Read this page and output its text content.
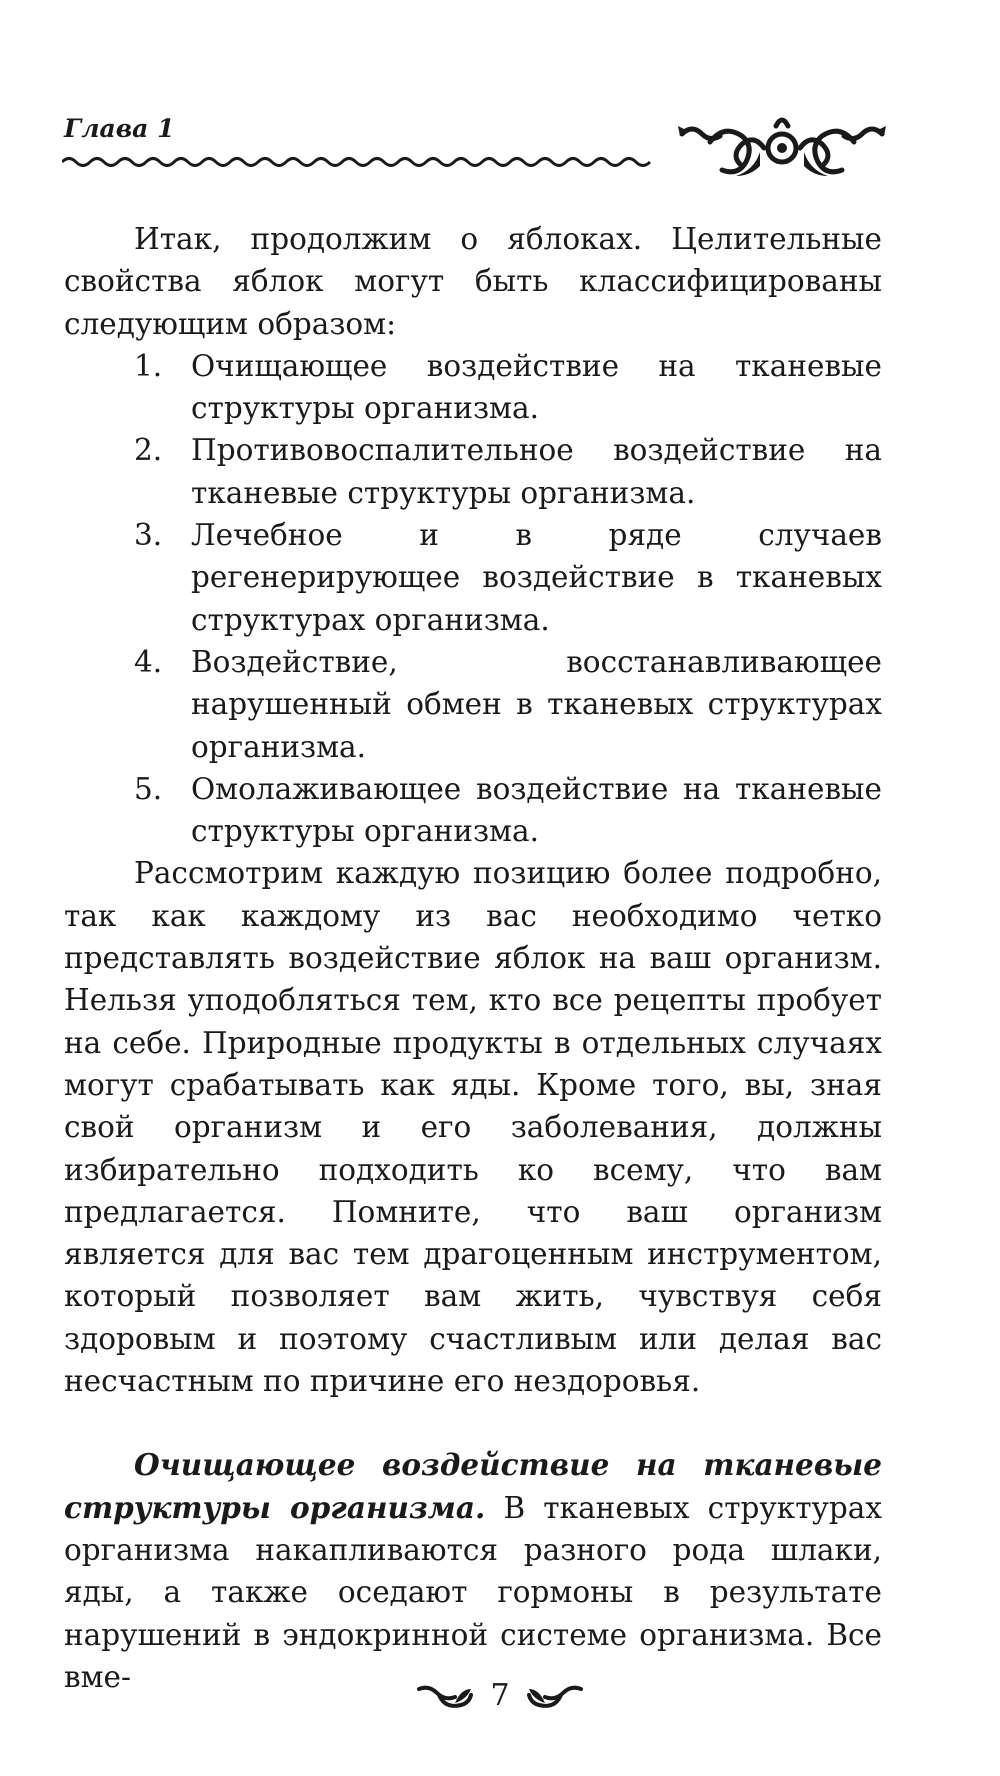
Глава 1

Итак, продолжим о яблоках. Целительные свойства яблок могут быть классифицированы следующим образом:

1. Очищающее воздействие на тканевые структуры организма.
2. Противовоспалительное воздействие на тканевые структуры организма.
3. Лечебное и в ряде случаев регенерирующее воздействие в тканевых структурах организма.
4. Воздействие, восстанавливающее нарушенный обмен в тканевых структурах организма.
5. Омолаживающее воздействие на тканевые структуры организма.

Рассмотрим каждую позицию более подробно, так как каждому из вас необходимо четко представлять воздействие яблок на ваш организм. Нельзя уподобляться тем, кто все рецепты пробует на себе. Природные продукты в отдельных случаях могут срабатывать как яды. Кроме того, вы, зная свой организм и его заболевания, должны избирательно подходить ко всему, что вам предлагается. Помните, что ваш организм является для вас тем драгоценным инструментом, который позволяет вам жить, чувствуя себя здоровым и поэтому счастливым или делая вас несчастным по причине его нездоровья.

Очищающее воздействие на тканевые структуры организма. В тканевых структурах организма накапливаются разного рода шлаки, яды, а также оседают гормоны в результате нарушений в эндокринной системе организма. Все вме-

7
